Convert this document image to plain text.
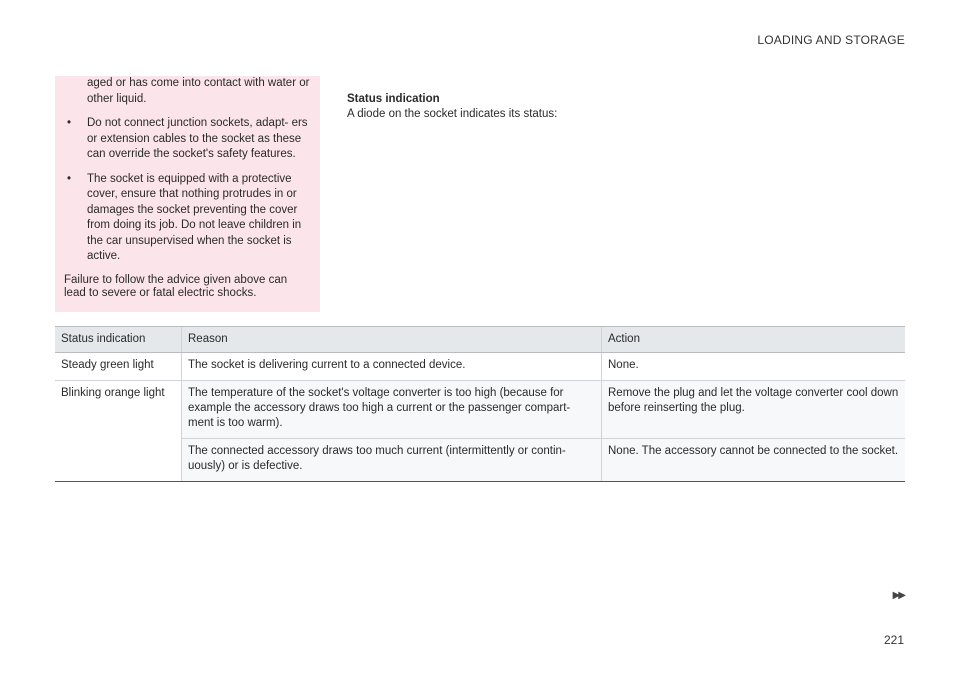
LOADING AND STORAGE
aged or has come into contact with water or other liquid.
• Do not connect junction sockets, adapt- ers or extension cables to the socket as these can override the socket's safety features.
• The socket is equipped with a protective cover, ensure that nothing protrudes in or damages the socket preventing the cover from doing its job. Do not leave children in the car unsupervised when the socket is active.
Failure to follow the advice given above can lead to severe or fatal electric shocks.
Status indication
A diode on the socket indicates its status:
Status indication	Reason	Action
Steady green light	The socket is delivering current to a connected device.	None.
Blinking orange light	The temperature of the socket's voltage converter is too high (because for example the accessory draws too high a current or the passenger compart- ment is too warm).	Remove the plug and let the voltage converter cool down before reinserting the plug.
	The connected accessory draws too much current (intermittently or contin- uously) or is defective.	None. The accessory cannot be connected to the socket.
▶▶
221
